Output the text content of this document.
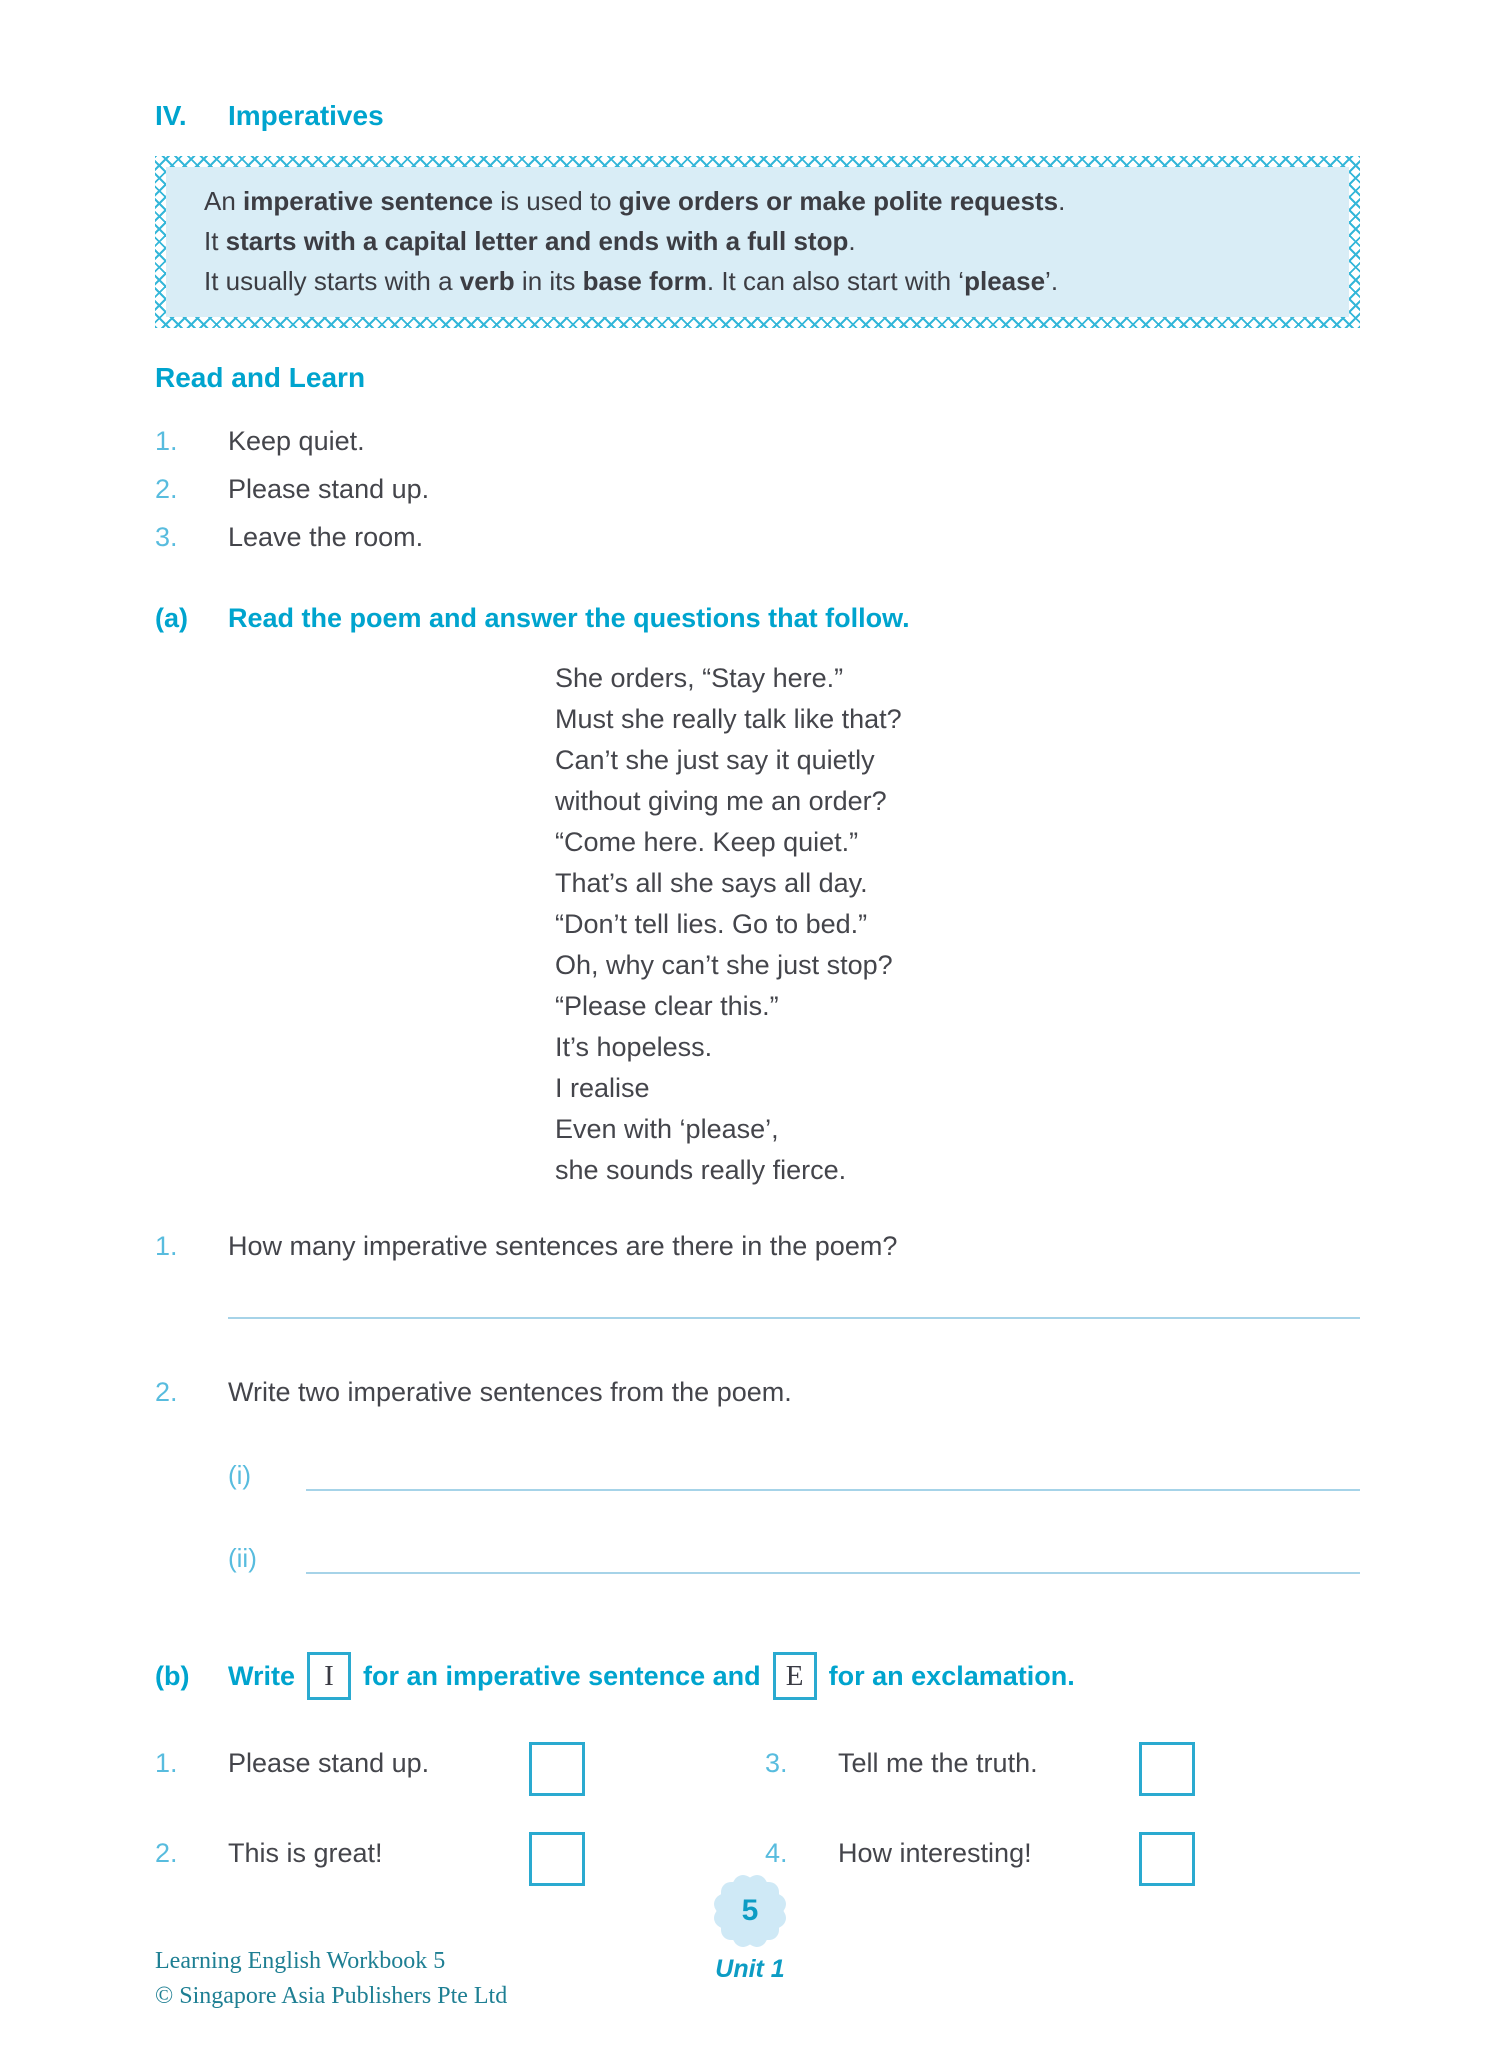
IV.	Imperatives
An imperative sentence is used to give orders or make polite requests.
It starts with a capital letter and ends with a full stop.
It usually starts with a verb in its base form. It can also start with ‘please’.
Read and Learn
1.	Keep quiet.
2.	Please stand up.
3.	Leave the room.
(a)	Read the poem and answer the questions that follow.
She orders, “Stay here.”
Must she really talk like that?
Can’t she just say it quietly
without giving me an order?
“Come here. Keep quiet.”
That’s all she says all day.
“Don’t tell lies. Go to bed.”
Oh, why can’t she just stop?
“Please clear this.”
It’s hopeless.
I realise
Even with ‘please’,
she sounds really fierce.
1.	How many imperative sentences are there in the poem?
2.	Write two imperative sentences from the poem.
(i)
(ii)
(b)	Write	I	for an imperative sentence and E for an exclamation.
1.	Please stand up.	3.	Tell me the truth.
2.	This is great!	4.	How interesting!
5
Unit 1
Learning English Workbook 5
© Singapore Asia Publishers Pte Ltd
